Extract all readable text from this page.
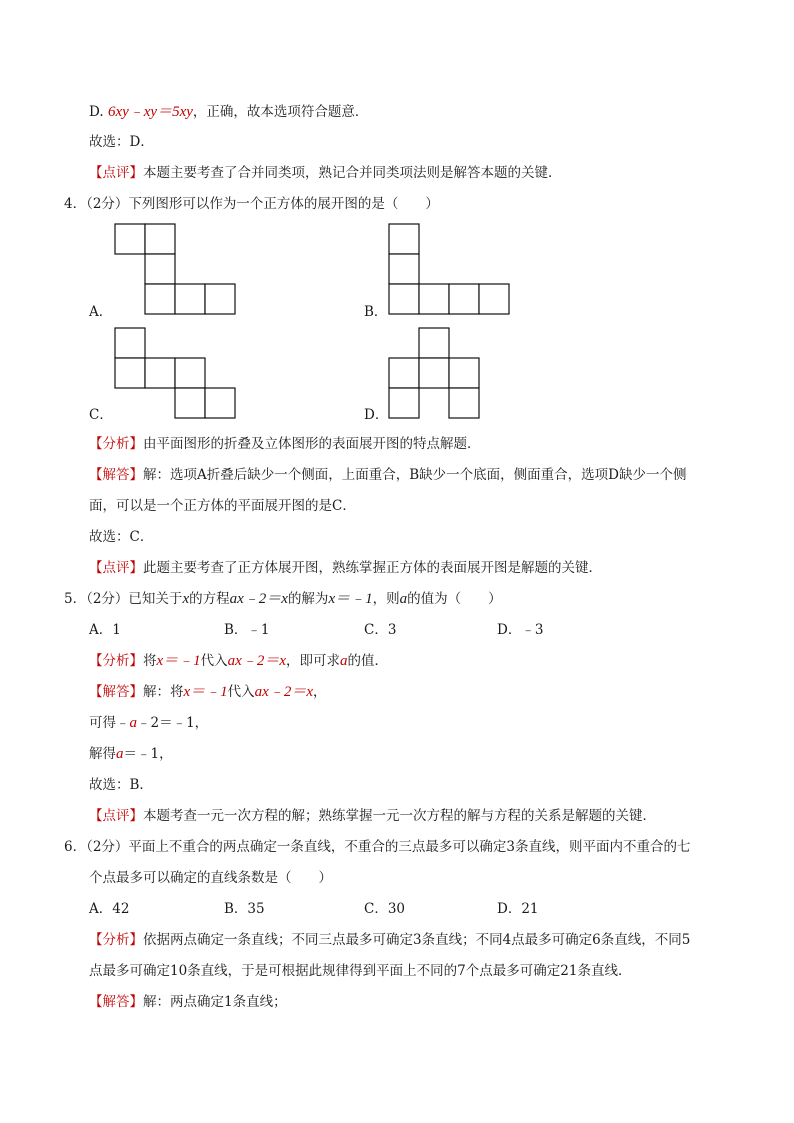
D. 6xy﹣xy＝5xy，正确，故本选项符合题意．
故选：D．
【点评】本题主要考查了合并同类项，熟记合并同类项法则是解答本题的关键．
4．（2分）下列图形可以作为一个正方体的展开图的是（　　）
A．	B．
C．	D．
【分析】由平面图形的折叠及立体图形的表面展开图的特点解题．
【解答】解：选项A折叠后缺少一个侧面，上面重合，B缺少一个底面，侧面重合，选项D缺少一个侧
面，可以是一个正方体的平面展开图的是C．
故选：C．
【点评】此题主要考查了正方体展开图，熟练掌握正方体的表面展开图是解题的关键．
5．（2分）已知关于x的方程ax﹣2＝x的解为x＝﹣1，则a的值为（　　）
A．1	B．﹣1	C．3	D．﹣3
【分析】将x＝﹣1代入ax﹣2＝x，即可求a的值．
【解答】解：将x＝﹣1代入ax﹣2＝x，
可得﹣a﹣2＝﹣1，
解得a＝﹣1，
故选：B．
【点评】本题考查一元一次方程的解；熟练掌握一元一次方程的解与方程的关系是解题的关键．
6．（2分）平面上不重合的两点确定一条直线，不重合的三点最多可以确定3条直线，则平面内不重合的七
个点最多可以确定的直线条数是（　　）
A．42	B．35	C．30	D．21
【分析】依据两点确定一条直线；不同三点最多可确定3条直线；不同4点最多可确定6条直线，不同5
点最多可确定10条直线，于是可根据此规律得到平面上不同的7个点最多可确定21条直线．
【解答】解：两点确定1条直线；
